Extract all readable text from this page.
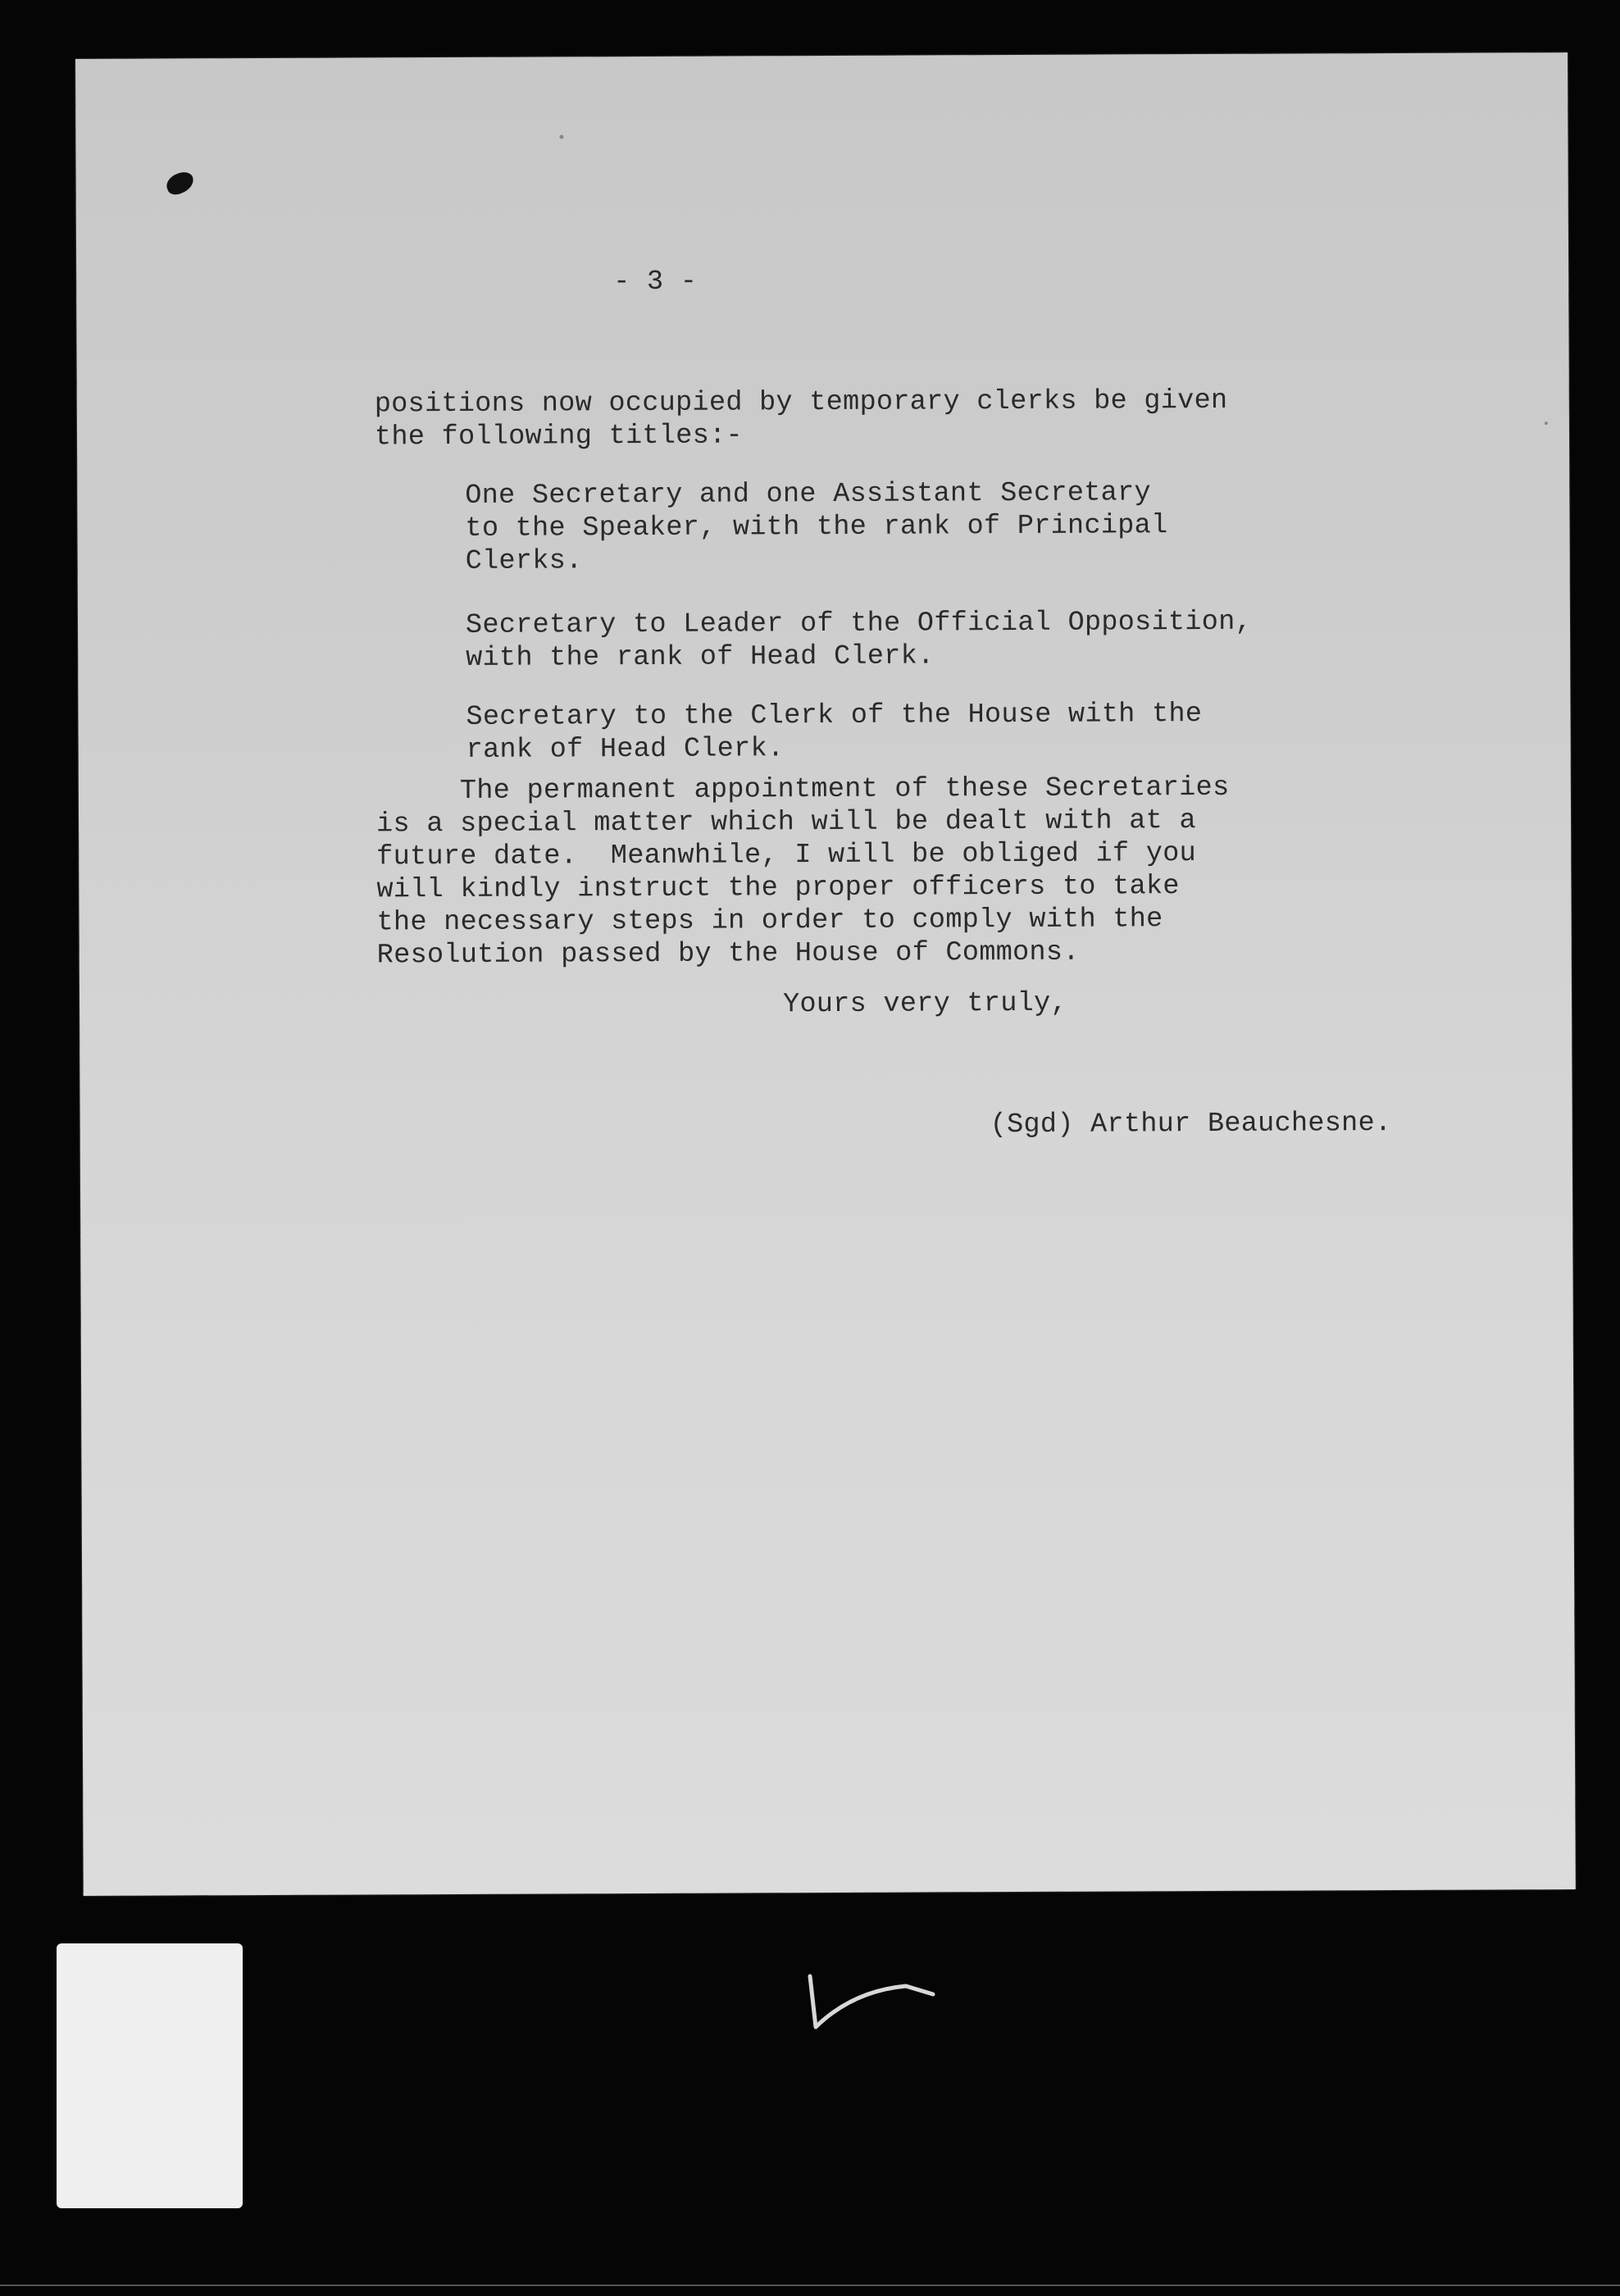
- 3 -
positions now occupied by temporary clerks be given
the following titles:-
One Secretary and one Assistant Secretary
to the Speaker, with the rank of Principal
Clerks.
Secretary to Leader of the Official Opposition,
with the rank of Head Clerk.
Secretary to the Clerk of the House with the
rank of Head Clerk.
The permanent appointment of these Secretaries
is a special matter which will be dealt with at a
future date.  Meanwhile, I will be obliged if you
will kindly instruct the proper officers to take
the necessary steps in order to comply with the
Resolution passed by the House of Commons.
Yours very truly,
(Sgd) Arthur Beauchesne.
